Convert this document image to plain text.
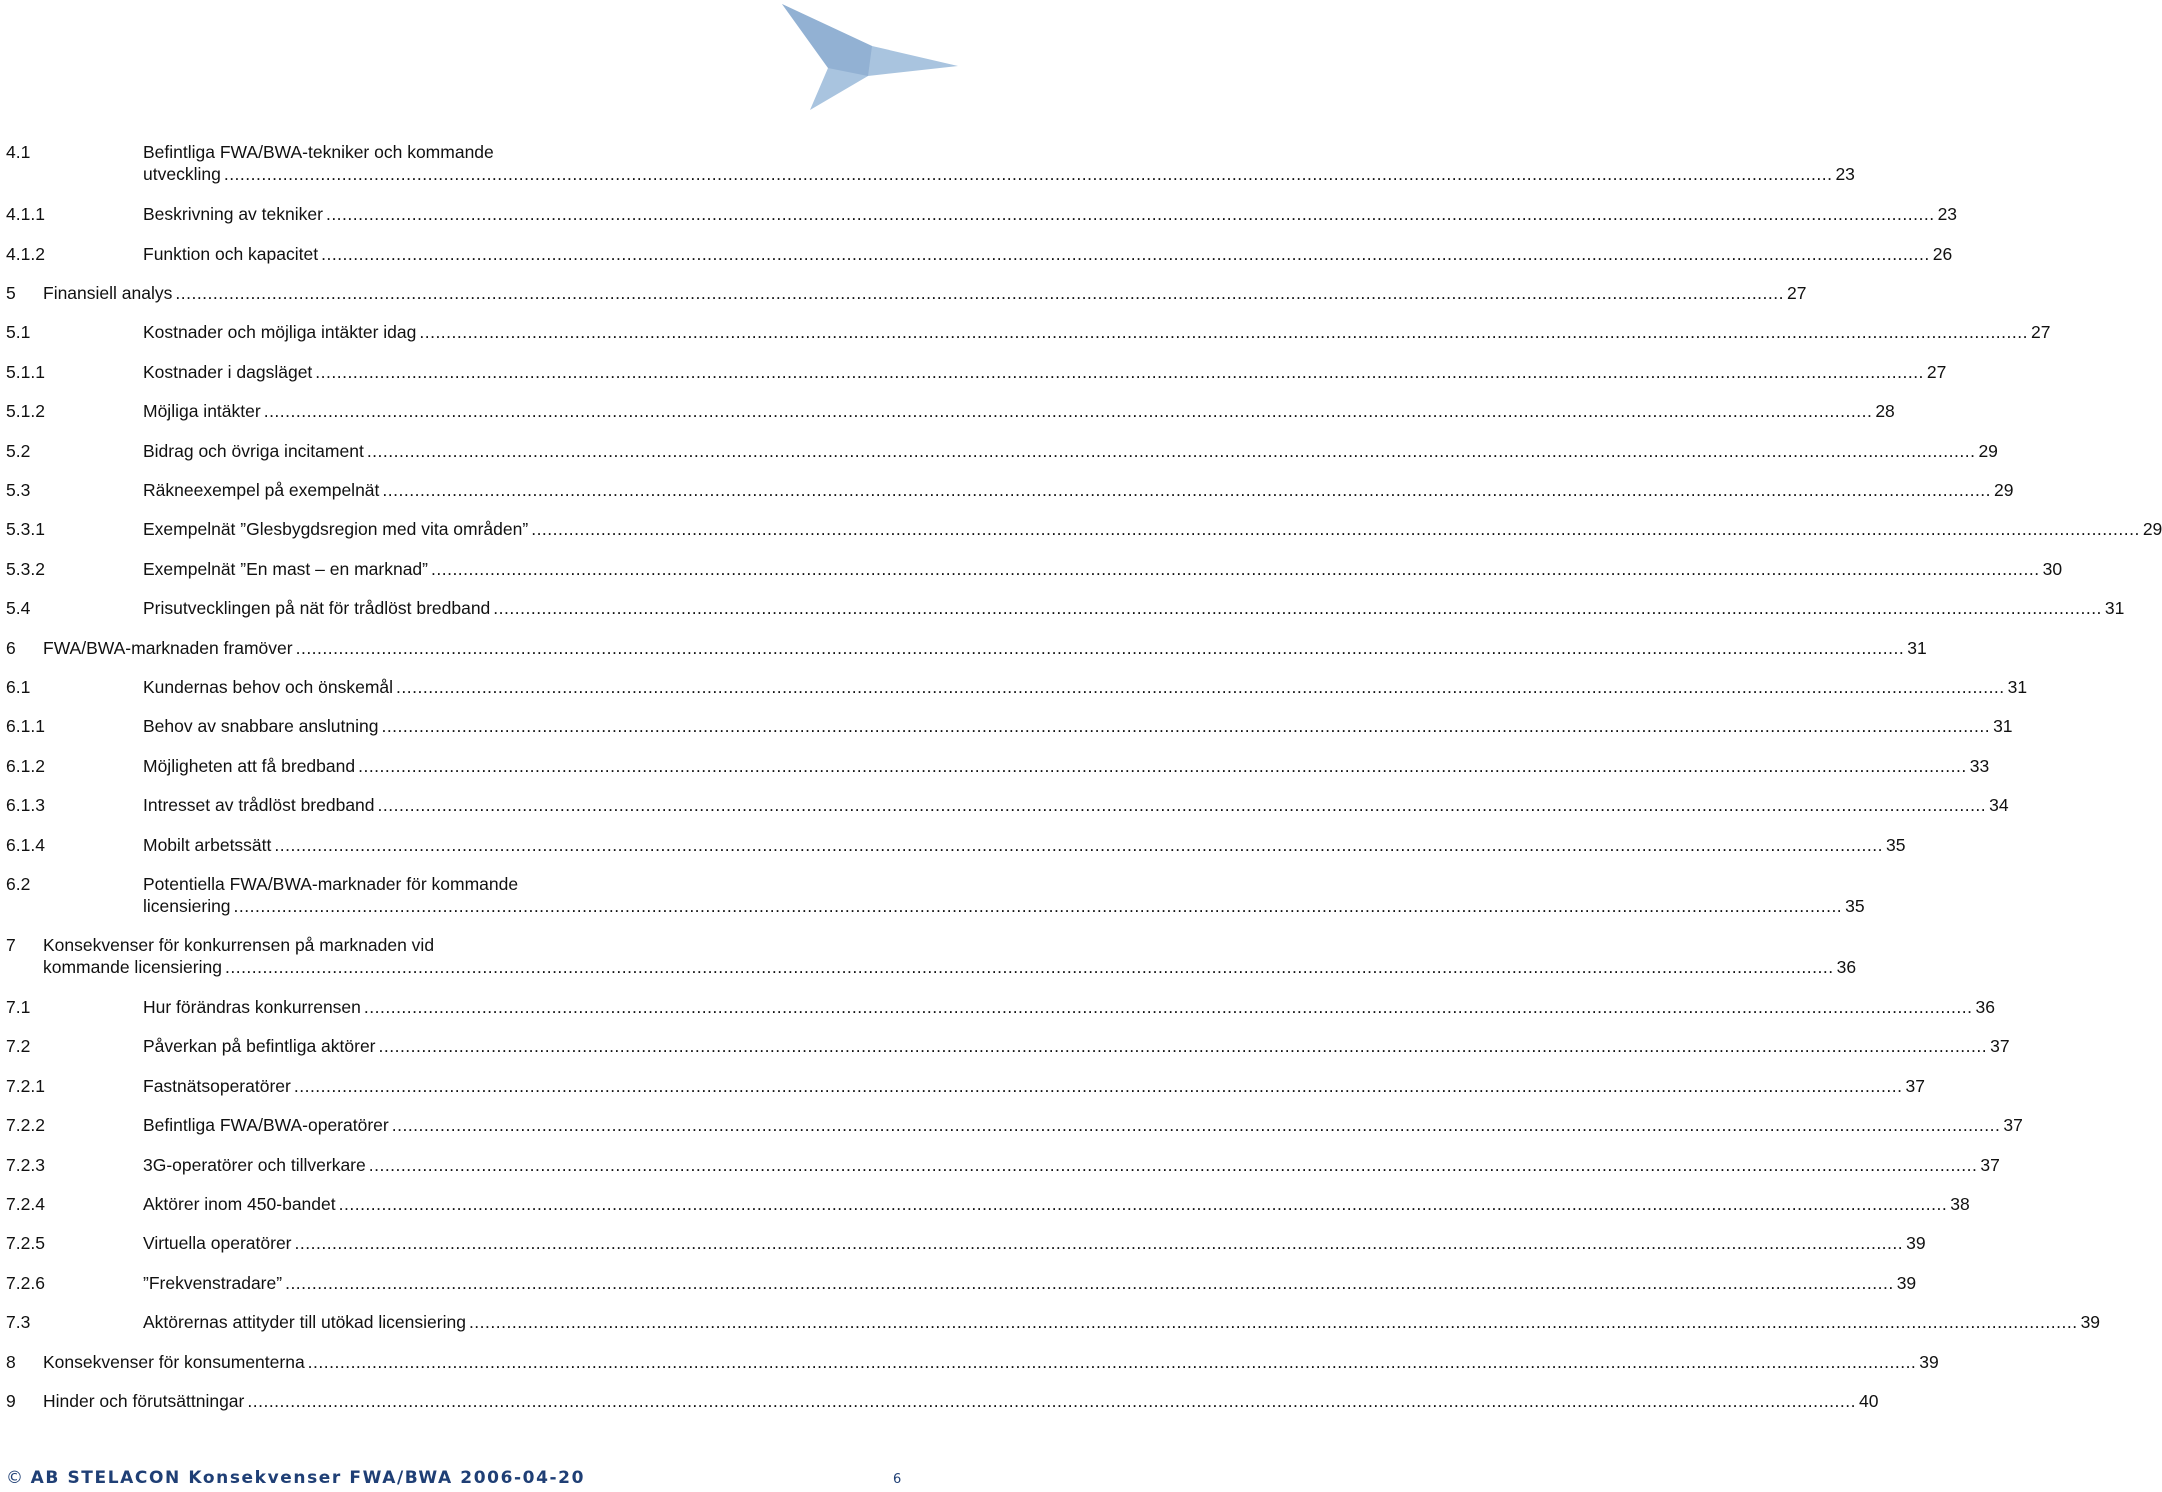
4.1	Befintliga FWA/BWA-tekniker och kommande
utveckling ............................................................................................................................................................................................................................................................................................................ 23
4.1.1	Beskrivning av tekniker ............................................................................................................................................................................................................................................................................................................ 23
4.1.2	Funktion och kapacitet ............................................................................................................................................................................................................................................................................................................ 26
5 Finansiell analys ............................................................................................................................................................................................................................................................................................................ 27
5.1	Kostnader och möjliga intäkter idag ............................................................................................................................................................................................................................................................................................................ 27
5.1.1	Kostnader i dagsläget ............................................................................................................................................................................................................................................................................................................ 27
5.1.2	Möjliga intäkter ............................................................................................................................................................................................................................................................................................................ 28
5.2	Bidrag och övriga incitament ............................................................................................................................................................................................................................................................................................................ 29
5.3	Räkneexempel på exempelnät ............................................................................................................................................................................................................................................................................................................ 29
5.3.1	Exempelnät ”Glesbygdsregion med vita områden” ............................................................................................................................................................................................................................................................................................................ 29
5.3.2	Exempelnät ”En mast – en marknad” ............................................................................................................................................................................................................................................................................................................ 30
5.4	Prisutvecklingen på nät för trådlöst bredband ............................................................................................................................................................................................................................................................................................................ 31
6 FWA/BWA-marknaden framöver ............................................................................................................................................................................................................................................................................................................ 31
6.1	Kundernas behov och önskemål ............................................................................................................................................................................................................................................................................................................ 31
6.1.1	Behov av snabbare anslutning ............................................................................................................................................................................................................................................................................................................ 31
6.1.2	Möjligheten att få bredband ............................................................................................................................................................................................................................................................................................................ 33
6.1.3	Intresset av trådlöst bredband ............................................................................................................................................................................................................................................................................................................ 34
6.1.4	Mobilt arbetssätt ............................................................................................................................................................................................................................................................................................................ 35
6.2	Potentiella FWA/BWA-marknader för kommande
licensiering ............................................................................................................................................................................................................................................................................................................ 35
7 Konsekvenser för konkurrensen på marknaden vid
kommande licensiering ............................................................................................................................................................................................................................................................................................................ 36
7.1	Hur förändras konkurrensen ............................................................................................................................................................................................................................................................................................................ 36
7.2	Påverkan på befintliga aktörer ............................................................................................................................................................................................................................................................................................................ 37
7.2.1	Fastnätsoperatörer ............................................................................................................................................................................................................................................................................................................ 37
7.2.2	Befintliga FWA/BWA-operatörer ............................................................................................................................................................................................................................................................................................................ 37
7.2.3	3G-operatörer och tillverkare ............................................................................................................................................................................................................................................................................................................ 37
7.2.4	Aktörer inom 450-bandet ............................................................................................................................................................................................................................................................................................................ 38
7.2.5	Virtuella operatörer ............................................................................................................................................................................................................................................................................................................ 39
7.2.6	”Frekvenstradare” ............................................................................................................................................................................................................................................................................................................ 39
7.3	Aktörernas attityder till utökad licensiering ............................................................................................................................................................................................................................................................................................................ 39
8 Konsekvenser för konsumenterna ............................................................................................................................................................................................................................................................................................................ 39
9 Hinder och förutsättningar ............................................................................................................................................................................................................................................................................................................ 40
© AB STELACON Konsekvenser FWA/BWA 2006-04-20	6
